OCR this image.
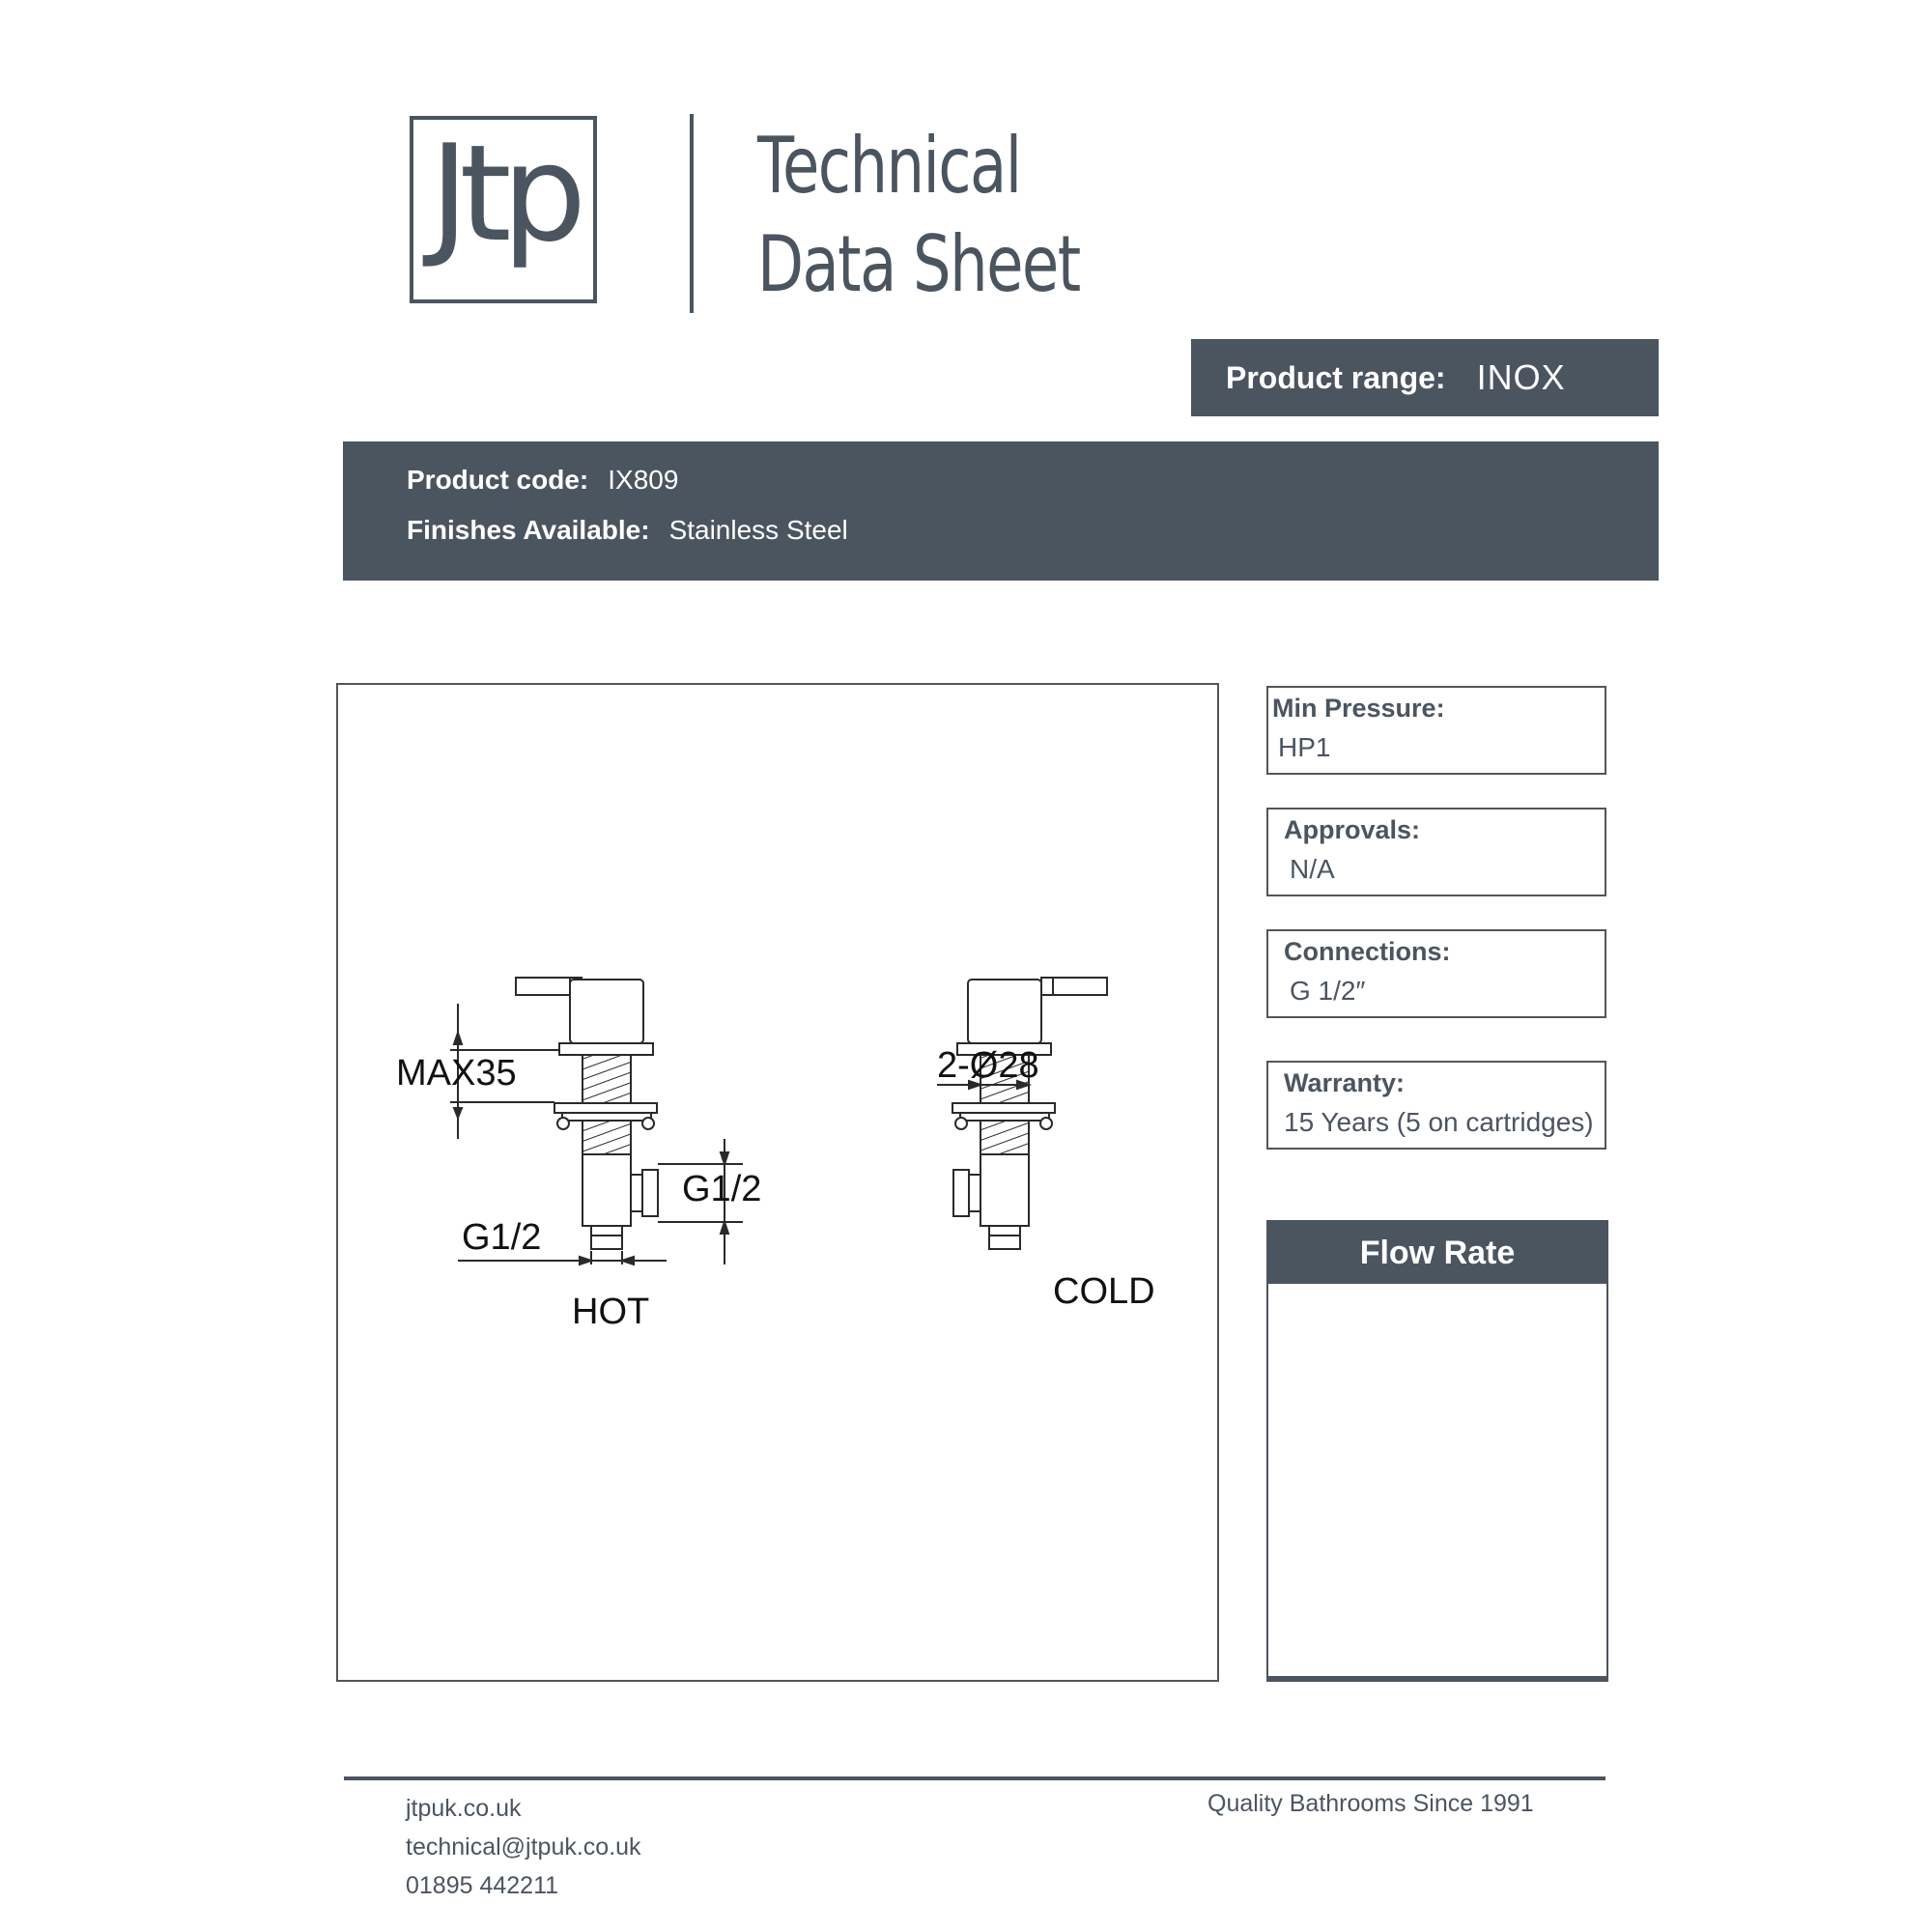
Jtp Technical
Data Sheet
Product range: INOX
Product code: IX809
Finishes Available: Stainless Steel
MAX35
G1/2
G1/2
HOT
2-Ø28
COLD
Min Pressure:
HP1
Approvals:
N/A
Connections:
G 1/2″
Warranty:
15 Years (5 on cartridges)
Flow Rate
jtpuk.co.uk
technical@jtpuk.co.uk
01895 442211
Quality Bathrooms Since 1991
